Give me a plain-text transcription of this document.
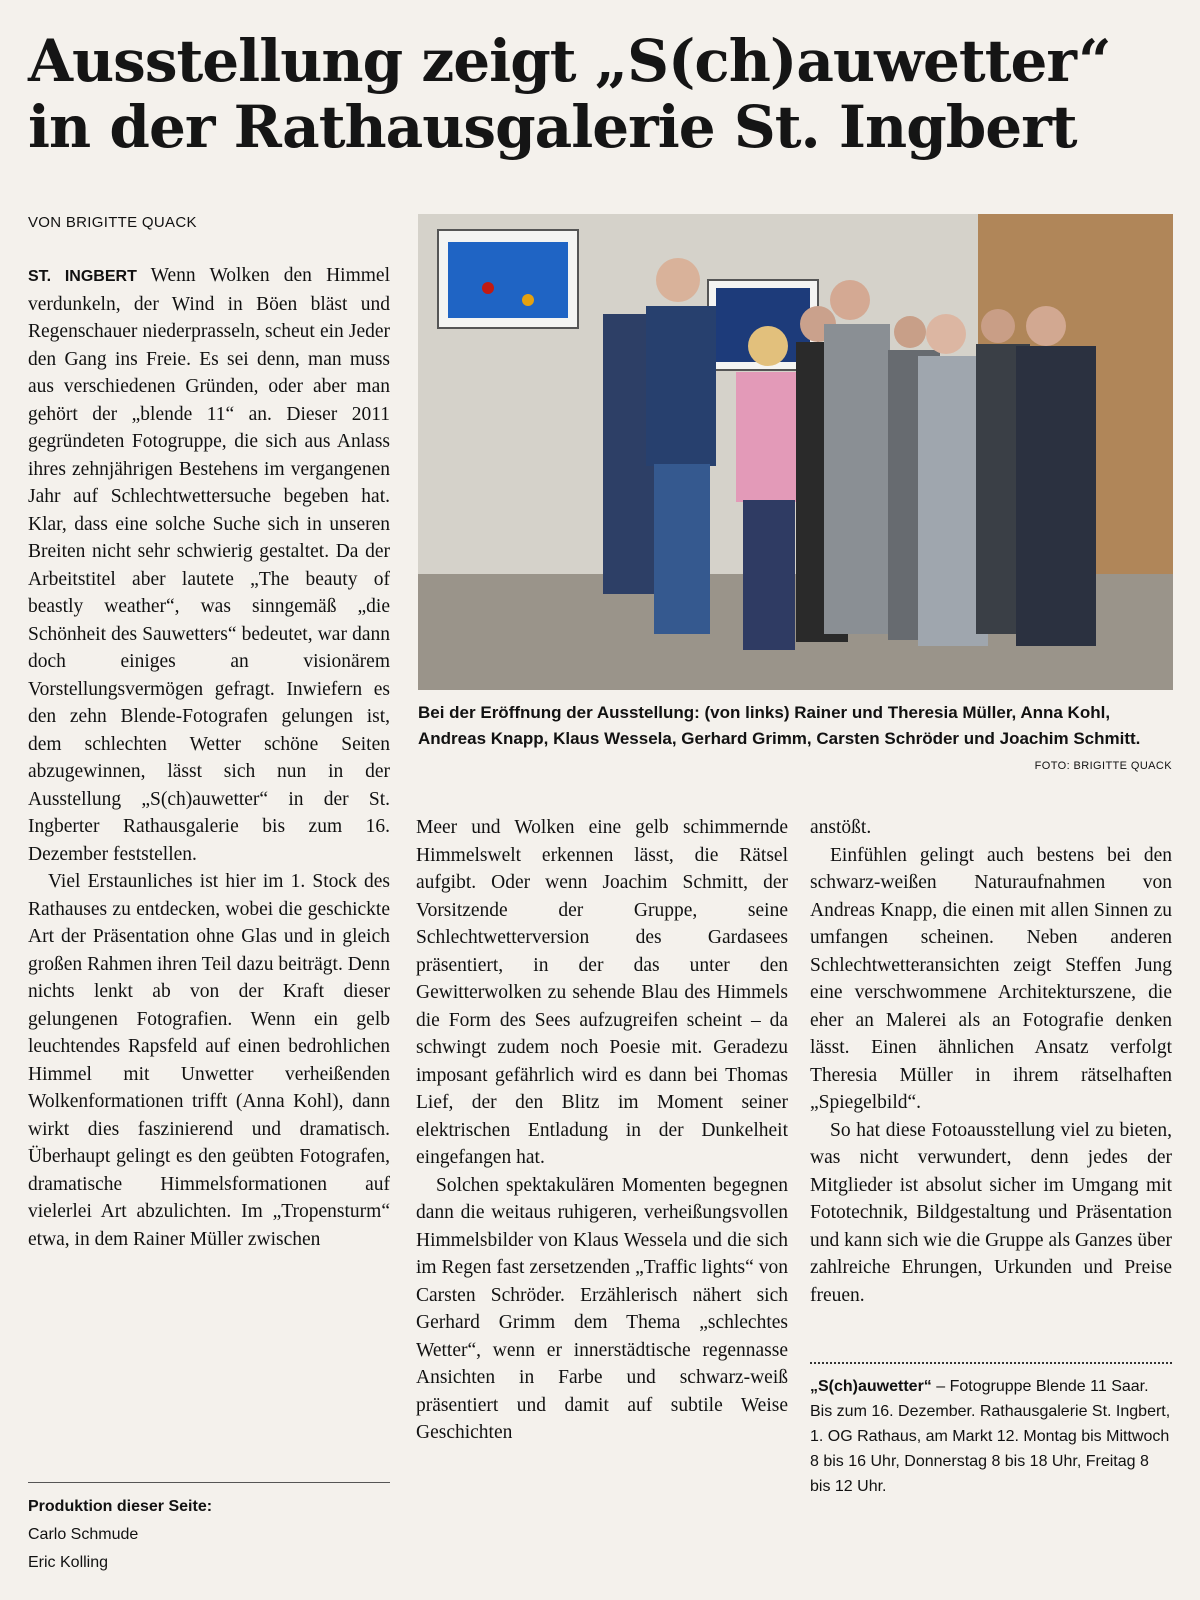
Ausstellung zeigt „S(ch)auwetter“
in der Rathausgalerie St. Ingbert
VON BRIGITTE QUACK

ST. INGBERT Wenn Wolken den Himmel verdunkeln, der Wind in Böen bläst und Regenschauer niederprasseln, scheut ein Jeder den Gang ins Freie. Es sei denn, man muss aus verschiedenen Gründen, oder aber man gehört der „blende 11“ an. Dieser 2011 gegründeten Fotogruppe, die sich aus Anlass ihres zehnjährigen Bestehens im vergangenen Jahr auf Schlechtwettersuche begeben hat. Klar, dass eine solche Suche sich in unseren Breiten nicht sehr schwierig gestaltet. Da der Arbeitstitel aber lautete „The beauty of beastly weather“, was sinngemäß „die Schönheit des Sauwetters“ bedeutet, war dann doch einiges an visionärem Vorstellungsvermögen gefragt. Inwiefern es den zehn Blende-Fotografen gelungen ist, dem schlechten Wetter schöne Seiten abzugewinnen, lässt sich nun in der Ausstellung „S(ch)auwetter“ in der St. Ingberter Rathausgalerie bis zum 16. Dezember feststellen.

Viel Erstaunliches ist hier im 1. Stock des Rathauses zu entdecken, wobei die geschickte Art der Präsentation ohne Glas und in gleich großen Rahmen ihren Teil dazu beiträgt. Denn nichts lenkt ab von der Kraft dieser gelungenen Fotografien. Wenn ein gelb leuchtendes Rapsfeld auf einen bedrohlichen Himmel mit Unwetter verheißenden Wolkenformationen trifft (Anna Kohl), dann wirkt dies faszinierend und dramatisch. Überhaupt gelingt es den geübten Fotografen, dramatische Himmelsformationen auf vielerlei Art abzulichten. Im „Tropensturm“ etwa, in dem Rainer Müller zwischen

Bei der Eröffnung der Ausstellung: (von links) Rainer und Theresia Müller, Anna Kohl, Andreas Knapp, Klaus Wessela, Gerhard Grimm, Carsten Schröder und Joachim Schmitt.
FOTO: BRIGITTE QUACK

Meer und Wolken eine gelb schimmernde Himmelswelt erkennen lässt, die Rätsel aufgibt. Oder wenn Joachim Schmitt, der Vorsitzende der Gruppe, seine Schlechtwetterversion des Gardasees präsentiert, in der das unter den Gewitterwolken zu sehende Blau des Himmels die Form des Sees aufzugreifen scheint – da schwingt zudem noch Poesie mit. Geradezu imposant gefährlich wird es dann bei Thomas Lief, der den Blitz im Moment seiner elektrischen Entladung in der Dunkelheit eingefangen hat.

Solchen spektakulären Momenten begegnen dann die weitaus ruhigeren, verheißungsvollen Himmelsbilder von Klaus Wessela und die sich im Regen fast zersetzenden „Traffic lights“ von Carsten Schröder. Erzählerisch nähert sich Gerhard Grimm dem Thema „schlechtes Wetter“, wenn er innerstädtische regennasse Ansichten in Farbe und schwarz-weiß präsentiert und damit auf subtile Weise Geschichten

anstößt.

Einfühlen gelingt auch bestens bei den schwarz-weißen Naturaufnahmen von Andreas Knapp, die einen mit allen Sinnen zu umfangen scheinen. Neben anderen Schlechtwetteransichten zeigt Steffen Jung eine verschwommene Architekturszene, die eher an Malerei als an Fotografie denken lässt. Einen ähnlichen Ansatz verfolgt Theresia Müller in ihrem rätselhaften „Spiegelbild“.

So hat diese Fotoausstellung viel zu bieten, was nicht verwundert, denn jedes der Mitglieder ist absolut sicher im Umgang mit Fototechnik, Bildgestaltung und Präsentation und kann sich wie die Gruppe als Ganzes über zahlreiche Ehrungen, Urkunden und Preise freuen.

„S(ch)auwetter“ – Fotogruppe Blende 11 Saar. Bis zum 16. Dezember. Rathausgalerie St. Ingbert, 1. OG Rathaus, am Markt 12. Montag bis Mittwoch 8 bis 16 Uhr, Donnerstag 8 bis 18 Uhr, Freitag 8 bis 12 Uhr.
Produktion dieser Seite:
Carlo Schmude
Eric Kolling
